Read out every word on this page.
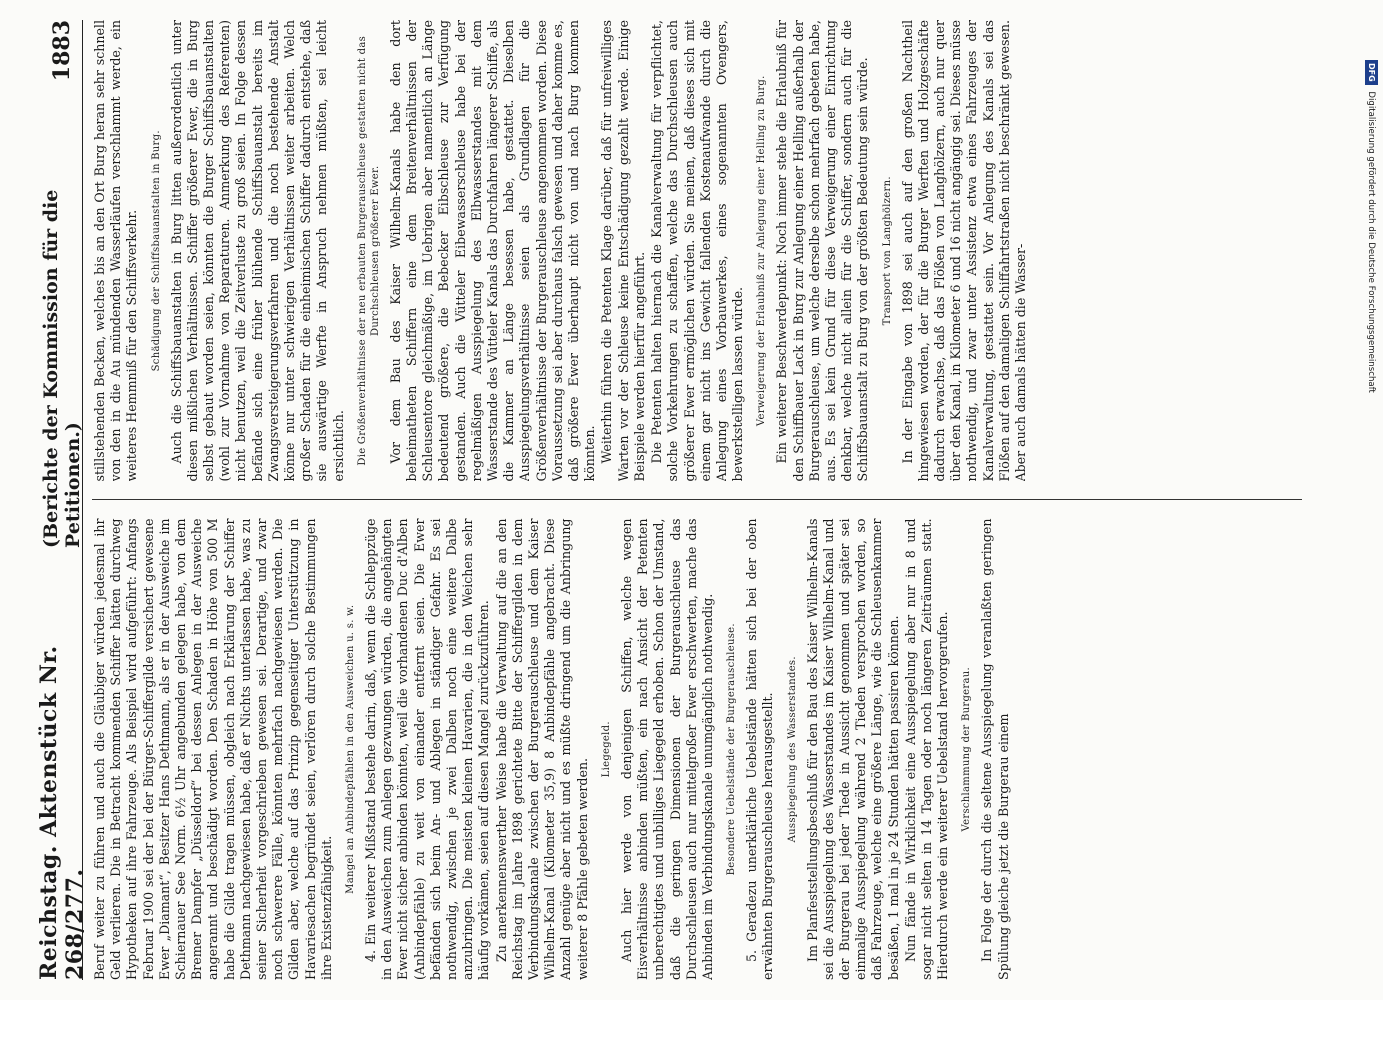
Reichstag. Aktenstück Nr. 268/277.
(Berichte der Kommission für die Petitionen.)
1883

Beruf weiter zu führen und auch die Gläubiger würden jedesmal ihr Geld verlieren. Die in Betracht kommenden Schiffer hätten durchweg Hypotheken auf ihre Fahrzeuge. Als Beispiel wird aufgeführt: Anfangs Februar 1900 sei der bei der Bürger-Schiffergilde versichert gewesene Ewer „Diamant“, Besitzer Hans Dethmann, als er in der Ausweiche im Schiernauer See Norm. 6½ Uhr angebunden gelegen habe, von dem Bremer Dampfer „Düsseldorf“ bei dessen Anlegen in der Ausweiche angerannt und beschädigt worden. Den Schaden in Höhe von 500 M habe die Gilde tragen müssen, obgleich nach Erklärung der Schiffer Dethmann nachgewiesen habe, daß er Nichts unterlassen habe, was zu seiner Sicherheit vorgeschrieben gewesen sei. Derartige, und zwar noch schwerere Fälle, könnten mehrfach nachgewiesen werden. Die Gilden aber, welche auf das Prinzip gegenseitiger Unterstützung in Havariesachen begründet seien, verlören durch solche Bestimmungen ihre Existenzfähigkeit.

Mangel an Anbindepfählen in den Ausweichen u. s. w. 4. Ein weiterer Mißstand bestehe darin, daß, wenn die Schleppzüge in den Ausweichen zum Anlegen gezwungen würden, die angehängten Ewer nicht sicher anbinden könnten, weil die vorhandenen Duc d'Alben (Anbindepfähle) zu weit von einander entfernt seien. Die Ewer befänden sich beim An- und Ablegen in ständiger Gefahr. Es sei nothwendig, zwischen je zwei Dalben noch eine weitere Dalbe anzubringen. Die meisten kleinen Havarien, die in den Weichen sehr häufig vorkämen, seien auf diesen Mangel zurückzuführen. Zu anerkennenswerther Weise habe die Verwaltung auf die an den Reichstag im Jahre 1898 gerichtete Bitte der Schiffergilden in dem Verbindungskanale zwischen der Burgerauschleuse und dem Kaiser Wilhelm-Kanal (Kilometer 35,9) 8 Anbindepfähle angebracht. Diese Anzahl genüge aber nicht und es müßte dringend um die Anbringung weiterer 8 Pfähle gebeten werden.

Liegegeld. Auch hier werde von denjenigen Schiffen, welche wegen Eisverhältnisse anbinden müßten, ein nach Ansicht der Petenten unberechtigtes und unbilliges Liegegeld erhoben. Schon der Umstand, daß die geringen Dimensionen der Burgerauschleuse das Durchschleusen auch nur mittelgroßer Ewer erschwerten, mache das Anbinden im Verbindungskanale unumgänglich nothwendig. Besondere Uebelstände der Burgerauschleuse. 5. Geradezu unerklärliche Uebelstände hätten sich bei der oben erwähnten Burgerauschleuse herausgestellt. Ausspiegelung des Wasserstandes. Im Planfeststellungsbeschluß für den Bau des Kaiser Wilhelm-Kanals sei die Ausspiegelung des Wasserstandes im Kaiser Wilhelm-Kanal und der Burgerau bei jeder Tiede in Aussicht genommen und später sei einmalige Ausspiegelung während 2 Tieden versprochen worden, so daß Fahrzeuge, welche eine größere Länge, wie die Schleusenkammer besäßen, 1 mal in je 24 Stunden hätten passiren können. Nun fände in Wirklichkeit eine Ausspiegelung aber nur in 8 und sogar nicht selten in 14 Tagen oder noch längeren Zeiträumen statt. Hierdurch werde ein weiterer Uebelstand hervorgerufen. Verschlammung der Burgerau. In Folge der durch die seltene Ausspiegelung veranlaßten geringen Spülung gleiche jetzt die Burgerau einem

stillstehenden Becken, welches bis an den Ort Burg heran sehr schnell von den in die Au mündenden Wasserläufen verschlammt werde, ein weiteres Hemmniß für den Schiffsverkehr. Schädigung der Schiffsbauanstalten in Burg. Auch die Schiffsbauanstalten in Burg litten außerordentlich unter diesen mißlichen Verhältnissen. Schiffer größerer Ewer, die in Burg selbst gebaut worden seien, könnten die Burger Schiffsbauanstalten (wohl zur Vornahme von Reparaturen. Anmerkung des Referenten) nicht benutzen, weil die Zeitverluste zu groß seien. In Folge dessen befände sich eine früher blühende Schiffsbauanstalt bereits im Zwangsversteigerungsverfahren und die noch bestehende Anstalt könne nur unter schwierigen Verhältnissen weiter arbeiten. Welch großer Schaden für die einheimischen Schiffer dadurch entstehe, daß sie auswärtige Werfte in Anspruch nehmen müßten, sei leicht ersichtlich. Die Größenverhältnisse der neu erbauten Burgerauschleuse gestatten nicht das Durchschleusen größerer Ewer. Vor dem Bau des Kaiser Wilhelm-Kanals habe den dort beheimatheten Schiffern eine dem Breitenverhältnissen der Schleusentore gleichmäßige, im Uebrigen aber namentlich an Länge bedeutend größere, die Bebecker Eibschleuse zur Verfügung gestanden. Auch die Vütteler Eibewasserschleuse habe bei der regelmäßigen Ausspiegelung des Elbwasserstandes mit dem Wasserstande des Vütteler Kanals das Durchfahren längerer Schiffe, als die Kammer an Länge besessen habe, gestattet. Dieselben Ausspiegelungsverhältnisse seien als Grundlagen für die Größenverhältnisse der Burgerauschleuse angenommen worden. Diese Voraussetzung sei aber durchaus falsch gewesen und daher komme es, daß größere Ewer überhaupt nicht von und nach Burg kommen könnten. Weiterhin führen die Petenten Klage darüber, daß für unfreiwilliges Warten vor der Schleuse keine Entschädigung gezahlt werde. Einige Beispiele werden hierfür angeführt. Die Petenten halten hiernach die Kanalverwaltung für verpflichtet, solche Vorkehrungen zu schaffen, welche das Durchschleusen auch größerer Ewer ermöglichen würden. Sie meinen, daß dieses sich mit einem gar nicht ins Gewicht fallenden Kostenaufwande durch die Anlegung eines Vorbauwerkes, eines sogenannten Ovengers, bewerkstelligen lassen würde. Verweigerung der Erlaubniß zur Anlegung einer Helling zu Burg. Ein weiterer Beschwerdepunkt: Noch immer stehe die Erlaubniß für den Schiffbauer Lack in Burg zur Anlegung einer Helling außerhalb der Burgerauschleuse, um welche derselbe schon mehrfach gebeten habe, aus. Es sei kein Grund für diese Verweigerung einer Einrichtung denkbar, welche nicht allein für die Schiffer, sondern auch für die Schiffsbauanstalt zu Burg von der größten Bedeutung sein würde. Transport von Langhölzern. In der Eingabe von 1898 sei auch auf den großen Nachtheil hingewiesen worden, der für die Burger Werften und Holzgeschäfte dadurch erwachse, daß das Flößen von Langhölzern, auch nur quer über den Kanal, in Kilometer 6 und 16 nicht angängig sei. Dieses müsse nothwendig, und zwar unter Assistenz etwa eines Fahrzeuges der Kanalverwaltung, gestattet sein. Vor Anlegung des Kanals sei das Flößen auf den damaligen Schiffahrtstraßen nicht beschränkt gewesen. Aber auch damals hätten die Wasser-

DFG Digitalisierung gefördert durch die Deutsche Forschungsgemeinschaft
